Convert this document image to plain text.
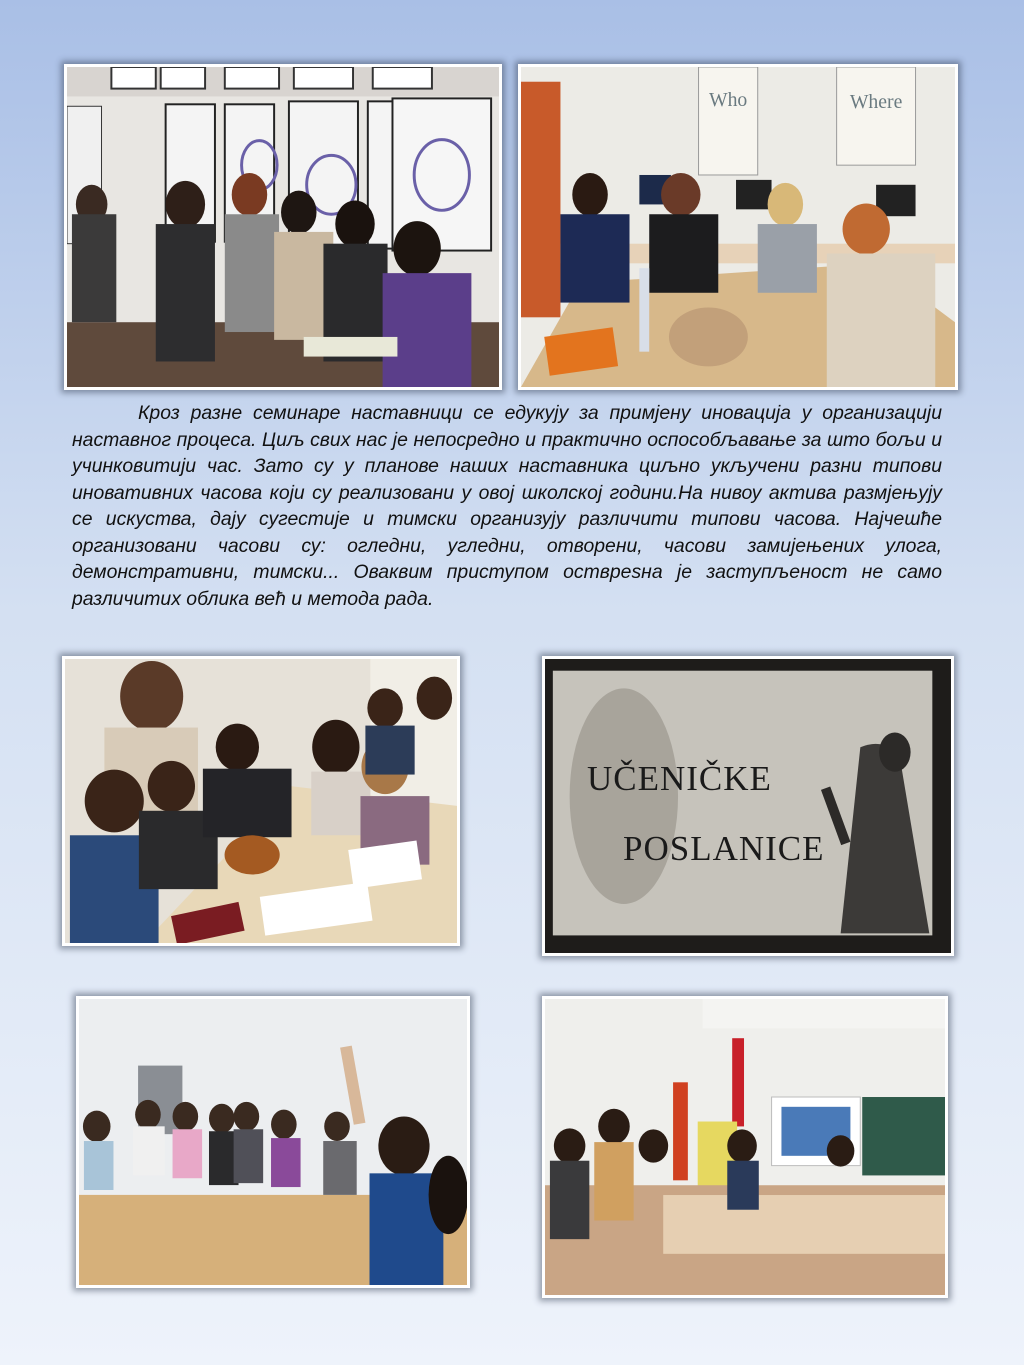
Who	Where
Кроз разне семинаре наставници се едукују за примјену иновација у организацији наставног процеса. Циљ свих нас је непосредно и практично оспособљавање за што бољи и учинковитији час. Зато су у планове наших наставника циљно укључени разни типови иновативних часова који су реализовани у овој школској години.На нивоу актива размјењују се искуства, дају сугестије и тимски организују различити типови часова. Најчешће организовани часови су: огледни, угледни, отворени, часови замијењених улога, демонстративни, тимски... Оваквим приступом оствреsна је заступљеност не само различитих облика већ и метода рада.
UČENIČKE
POSLANICE
